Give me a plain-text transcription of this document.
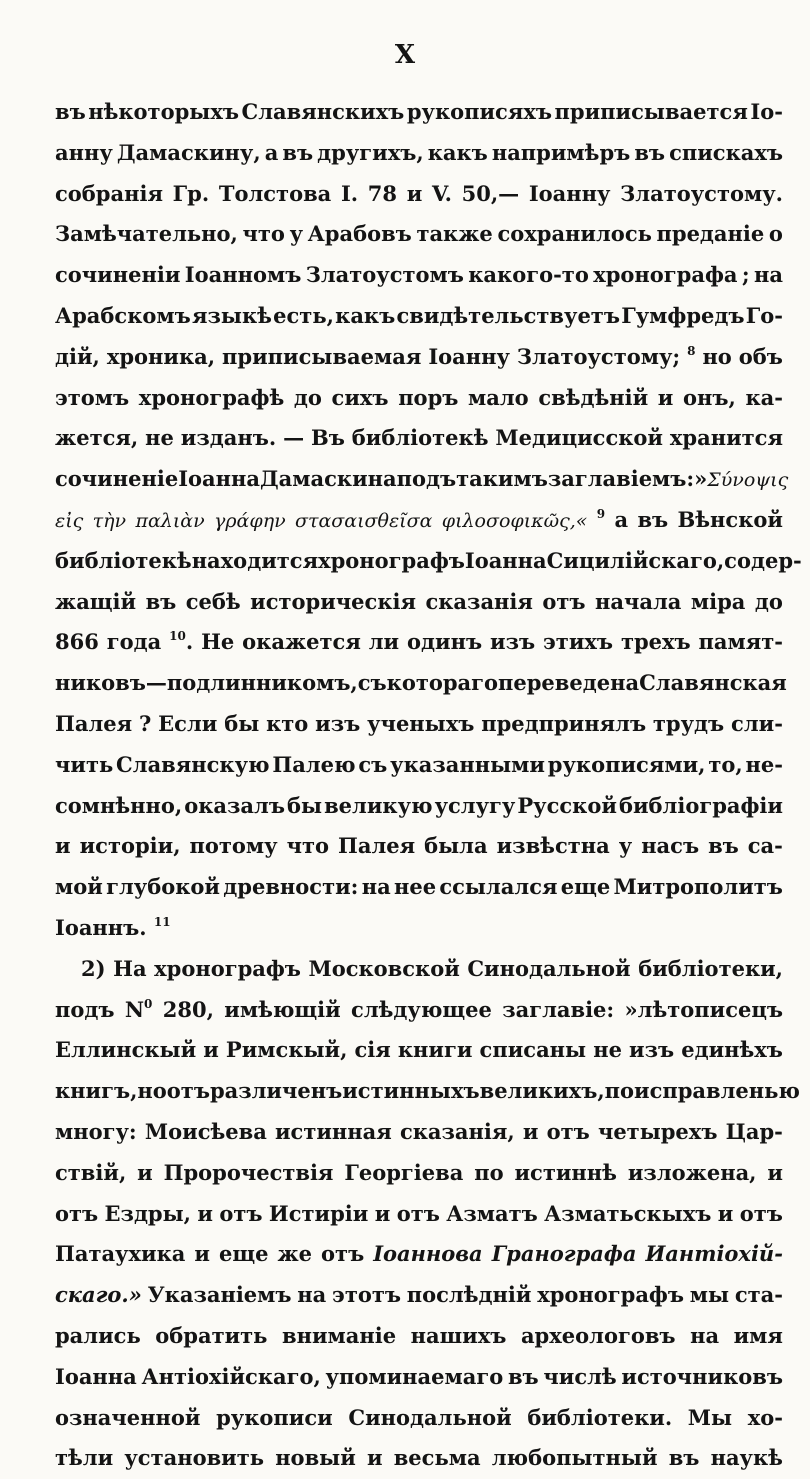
X
въ нѣкоторыхъ Славянскихъ рукописяхъ приписывается Іо-
анну Дамаскину, а въ другихъ, какъ напримѣръ въ спискахъ
собранія Гр. Толстова I. 78 и V. 50,— Іоанну Златоустому.
Замѣчательно, что у Арабовъ также сохранилось преданіе о
сочиненіи Іоанномъ Златоустомъ какого-то хронографа ; на
Арабскомъ языкѣ есть, какъ свидѣтельствуетъ Гумфредъ Го-
дій, хроника, приписываемая Іоанну Златоустому; $^8$ но объ
этомъ хронографѣ до сихъ поръ мало свѣдѣній и онъ, ка-
жется, не изданъ. — Въ библіотекѣ Медицисской хранится
сочиненіе Іоанна Дамаскина подъ такимъ заглавіемъ: »Σύνοψις
εἰς τὴν παλιὰν γράφην στασαισθεῖσα φιλοσοφικῶς,« $^9$ а въ Вѣнской
библіотекѣ находится хронографъ Іоанна Сицилійскаго, содер-
жащій въ себѣ историческія сказанія отъ начала міра до
866 года $^{10}$. Не окажется ли одинъ изъ этихъ трехъ памят-
никовъ — подлинникомъ, съ котораго переведена Славянская
Палея ? Если бы кто изъ ученыхъ предпринялъ трудъ сли-
чить Славянскую Палею съ указанными рукописями, то, не-
сомнѣнно, оказалъ бы великую услугу Русской библіографіи
и исторіи, потому что Палея была извѣстна у насъ въ са-
мой глубокой древности: на нее ссылался еще Митрополитъ
Іоаннъ. $^{11}$
2) На хронографъ Московской Синодальной библіотеки,
подъ $N^0$ 280, имѣющій слѣдующее заглавіе: »лѣтописецъ
Еллинскый и Римскый, сія книги списаны не изъ единѣхъ
книгъ, но отъ различенъ истинныхъ великихъ, по исправленью
многу: Моисѣева истинная сказанія, и отъ четырехъ Цар-
ствій, и Пророчествія Георгіева по истиннѣ изложена, и
отъ Ездры, и отъ Истиріи и отъ Азматъ Азматьскыхъ и отъ
Патаухика и еще же отъ Іоаннова Гранографа Иантіохій-
скаго.» Указаніемъ на этотъ послѣдній хронографъ мы ста-
рались обратить вниманіе нашихъ археологовъ на имя
Іоанна Антіохійскаго, упоминаемаго въ числѣ источниковъ
означенной рукописи Синодальной библіотеки. Мы хо-
тѣли установить новый и весьма любопытный въ наукѣ
